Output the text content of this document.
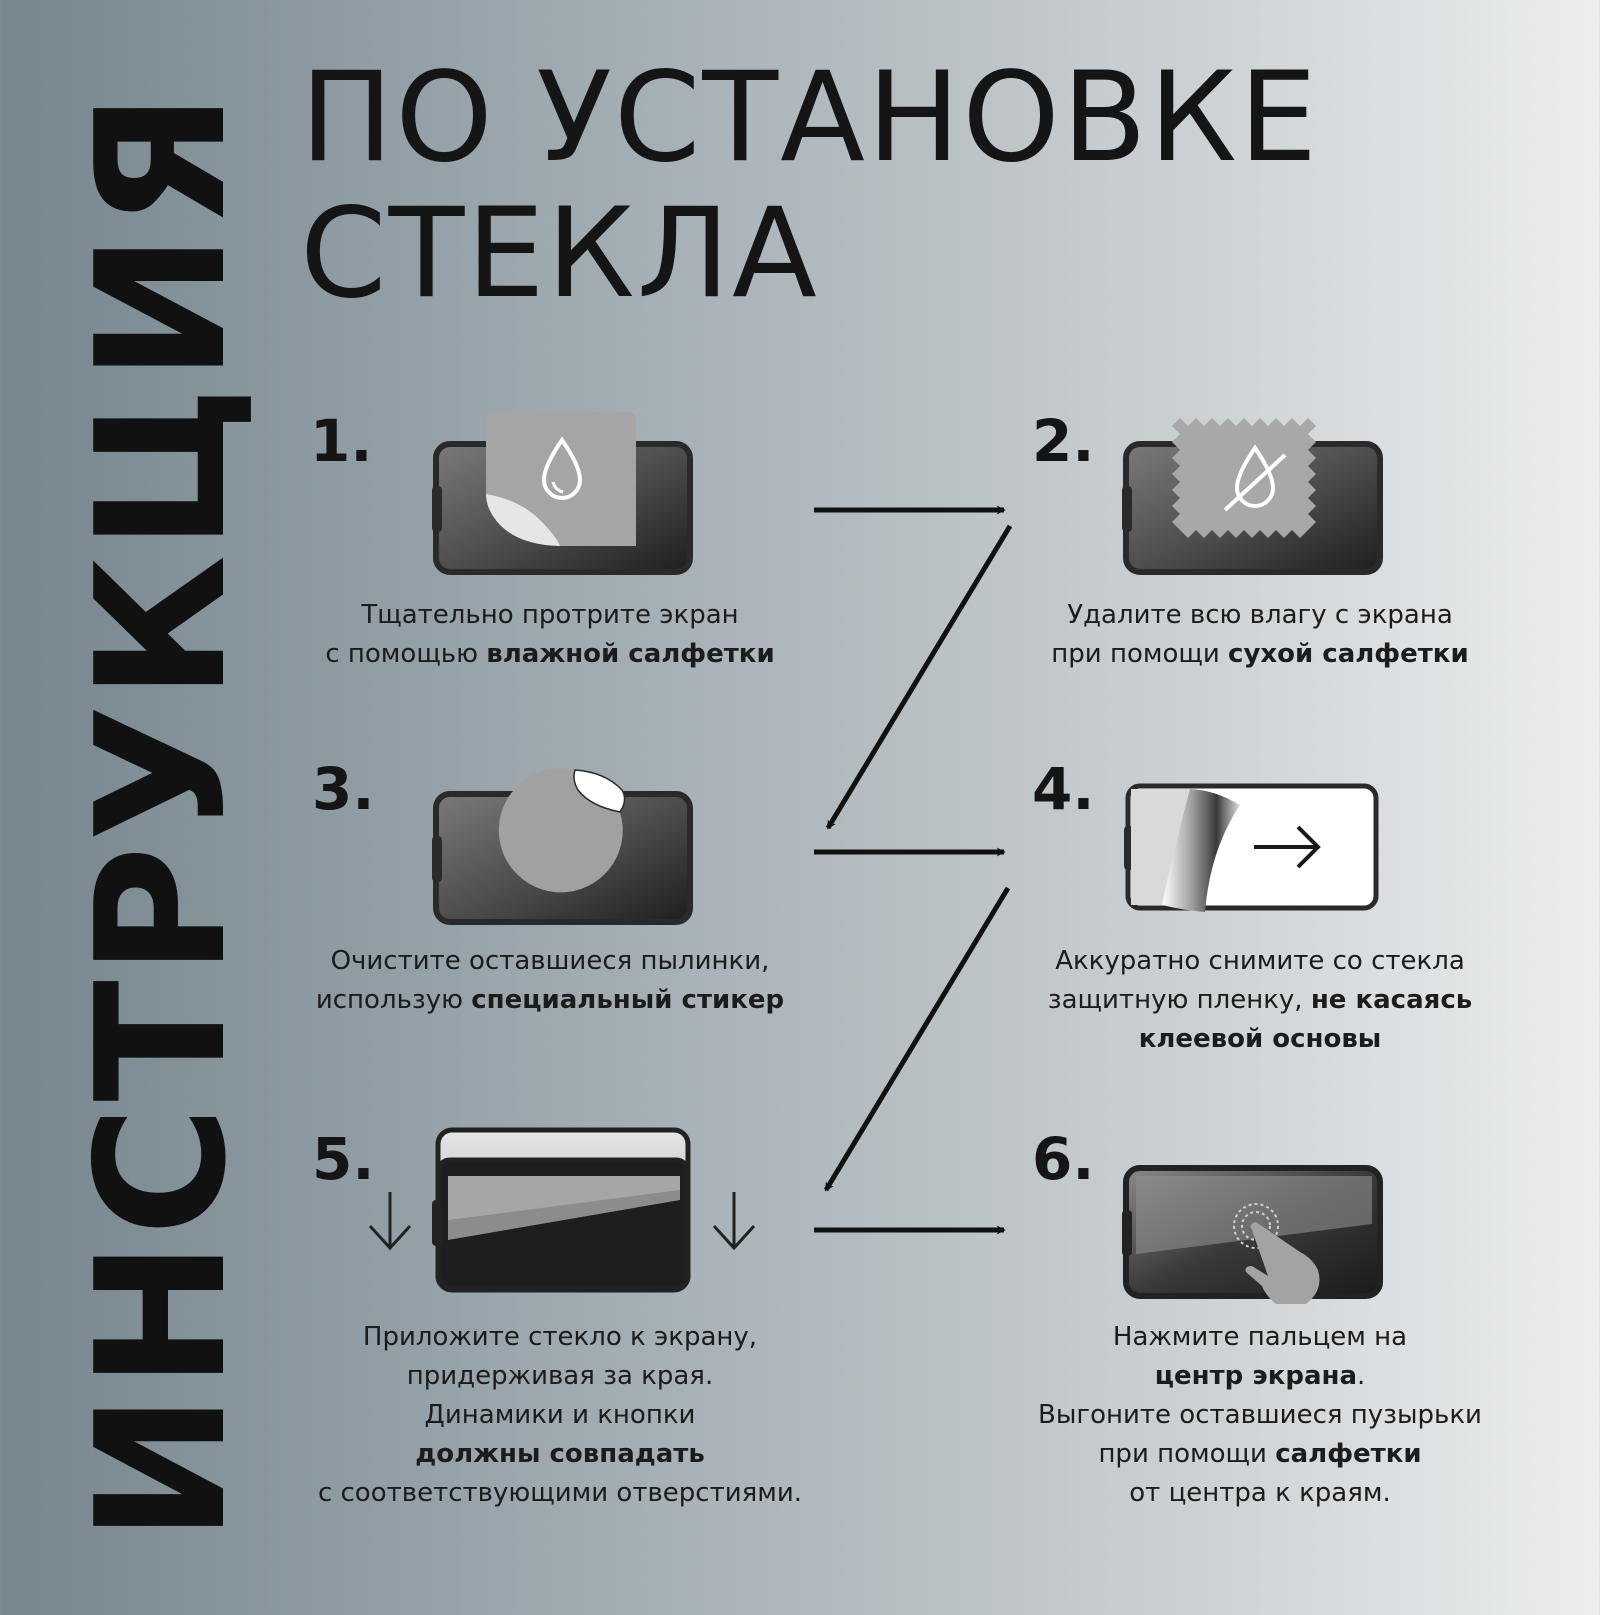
ИНСТРУКЦИЯ ПО УСТАНОВКЕ
СТЕКЛА
1.	2.
3.	4.
5.	6.
Тщательно протрите экран
с помощью влажной салфетки
Удалите всю влагу с экрана
при помощи сухой салфетки
Очистите оставшиеся пылинки,
использую специальный стикер
Аккуратно снимите со стекла
защитную пленку, не касаясь
клеевой основы
Приложите стекло к экрану,
придерживая за края.
Динамики и кнопки
должны совпадать
с соответствующими отверстиями.
Нажмите пальцем на
центр экрана.
Выгоните оставшиеся пузырьки
при помощи салфетки
от центра к краям.
